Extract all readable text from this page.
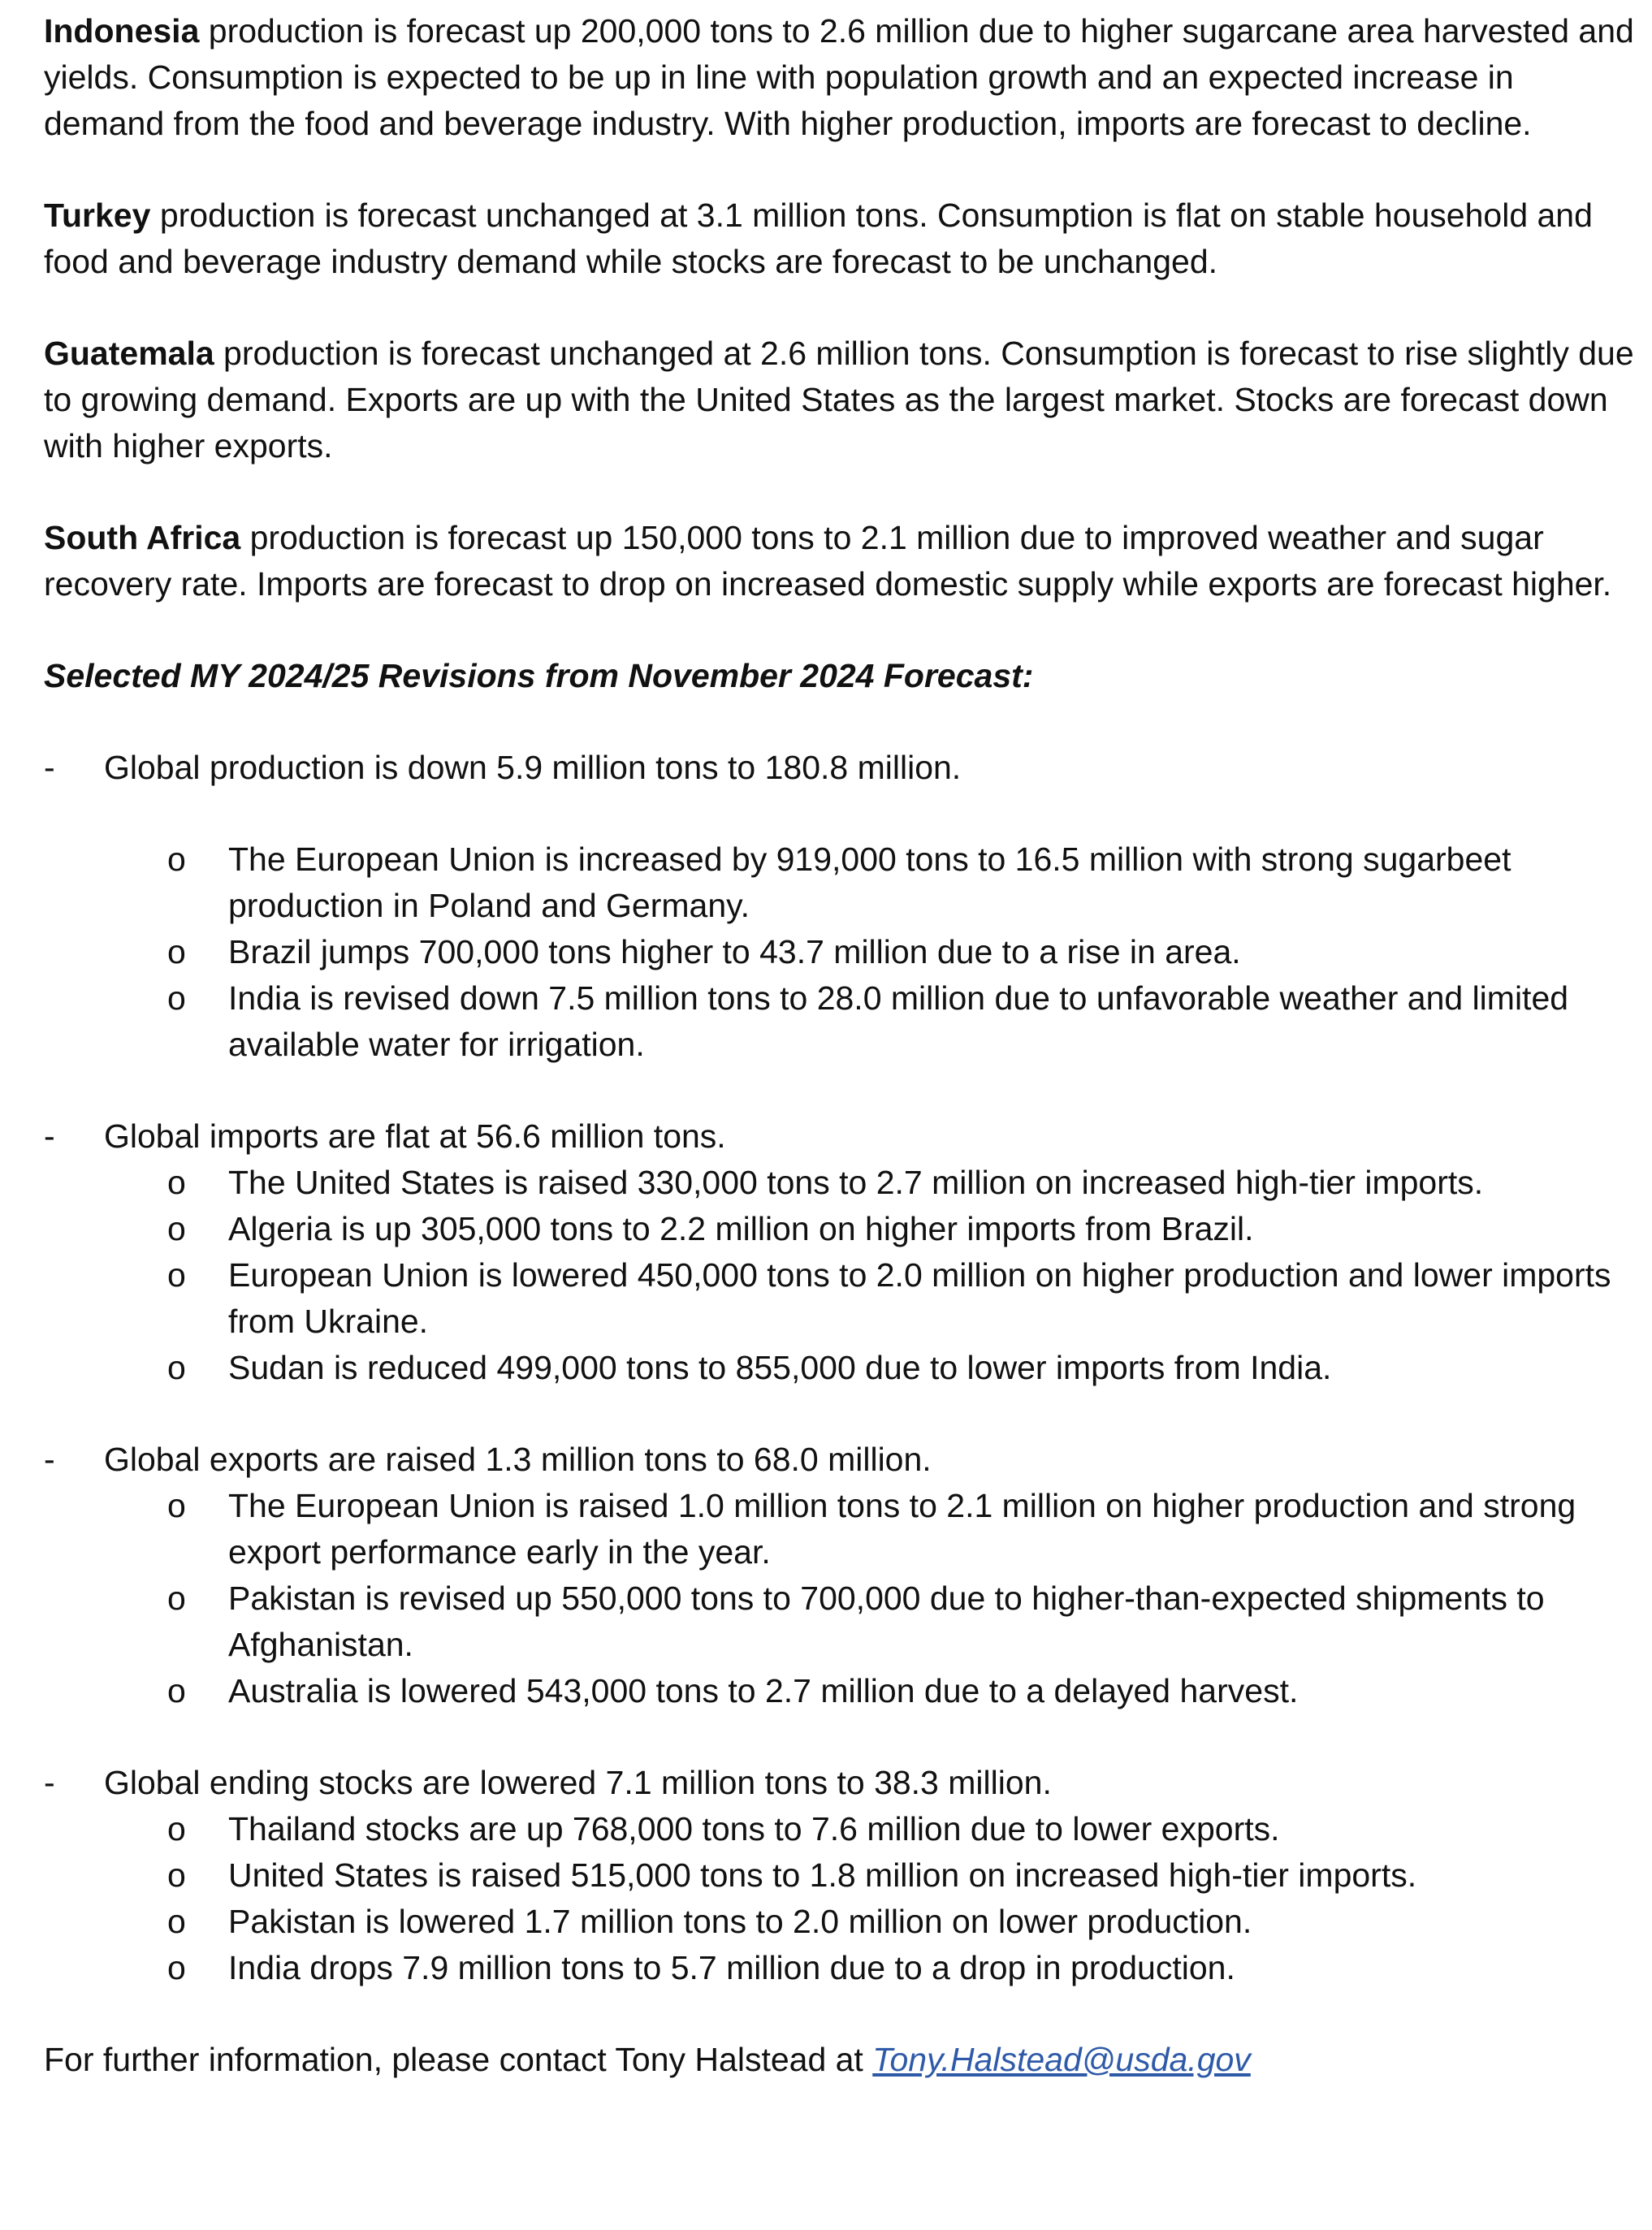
Indonesia production is forecast up 200,000 tons to 2.6 million due to higher sugarcane area harvested and yields. Consumption is expected to be up in line with population growth and an expected increase in demand from the food and beverage industry. With higher production, imports are forecast to decline.

Turkey production is forecast unchanged at 3.1 million tons. Consumption is flat on stable household and food and beverage industry demand while stocks are forecast to be unchanged.

Guatemala production is forecast unchanged at 2.6 million tons. Consumption is forecast to rise slightly due to growing demand. Exports are up with the United States as the largest market. Stocks are forecast down with higher exports.

South Africa production is forecast up 150,000 tons to 2.1 million due to improved weather and sugar recovery rate. Imports are forecast to drop on increased domestic supply while exports are forecast higher.

Selected MY 2024/25 Revisions from November 2024 Forecast:

- Global production is down 5.9 million tons to 180.8 million.

o The European Union is increased by 919,000 tons to 16.5 million with strong sugarbeet production in Poland and Germany.
o Brazil jumps 700,000 tons higher to 43.7 million due to a rise in area.
o India is revised down 7.5 million tons to 28.0 million due to unfavorable weather and limited available water for irrigation.

- Global imports are flat at 56.6 million tons.

o The United States is raised 330,000 tons to 2.7 million on increased high-tier imports.
o Algeria is up 305,000 tons to 2.2 million on higher imports from Brazil.
o European Union is lowered 450,000 tons to 2.0 million on higher production and lower imports from Ukraine.
o Sudan is reduced 499,000 tons to 855,000 due to lower imports from India.

- Global exports are raised 1.3 million tons to 68.0 million.

o The European Union is raised 1.0 million tons to 2.1 million on higher production and strong export performance early in the year.
o Pakistan is revised up 550,000 tons to 700,000 due to higher-than-expected shipments to Afghanistan.
o Australia is lowered 543,000 tons to 2.7 million due to a delayed harvest.

- Global ending stocks are lowered 7.1 million tons to 38.3 million.

o Thailand stocks are up 768,000 tons to 7.6 million due to lower exports.
o United States is raised 515,000 tons to 1.8 million on increased high-tier imports.
o Pakistan is lowered 1.7 million tons to 2.0 million on lower production.
o India drops 7.9 million tons to 5.7 million due to a drop in production.

For further information, please contact Tony Halstead at Tony.Halstead@usda.gov
